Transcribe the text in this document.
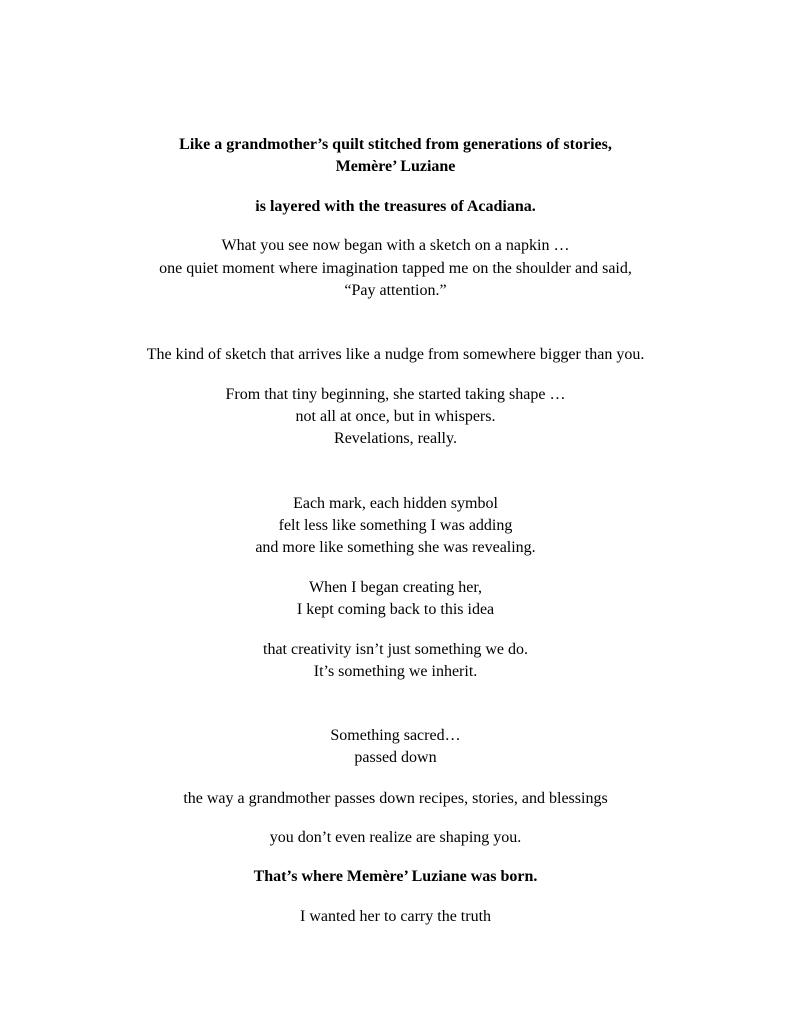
Like a grandmother’s quilt stitched from generations of stories,
Memère’ Luziane
is layered with the treasures of Acadiana.
What you see now began with a sketch on a napkin …
one quiet moment where imagination tapped me on the shoulder and said,
“Pay attention.”
The kind of sketch that arrives like a nudge from somewhere bigger than you.
From that tiny beginning, she started taking shape …
not all at once, but in whispers.
Revelations, really.
Each mark, each hidden symbol
felt less like something I was adding
and more like something she was revealing.
When I began creating her,
I kept coming back to this idea
that creativity isn’t just something we do.
It’s something we inherit.
Something sacred…
passed down
the way a grandmother passes down recipes, stories, and blessings
you don’t even realize are shaping you.
That’s where Memère’ Luziane was born.
I wanted her to carry the truth
